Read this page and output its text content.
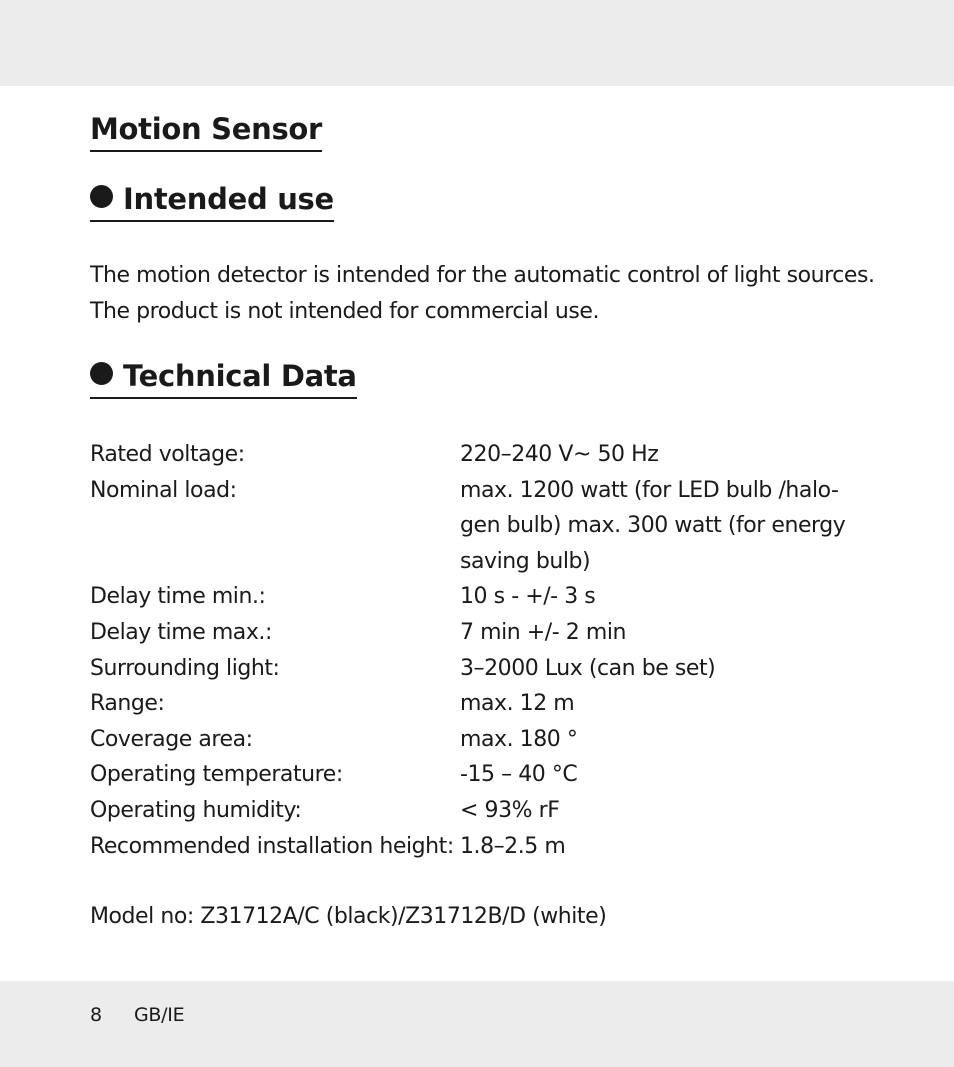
Motion Sensor
Intended use
The motion detector is intended for the automatic control of light sources.
The product is not intended for commercial use.
Technical Data
Rated voltage:	220–240 V~ 50 Hz
Nominal load:	max. 1200 watt (for LED bulb /halo-
gen bulb) max. 300 watt (for energy
saving bulb)
Delay time min.:	10 s - +/- 3 s
Delay time max.:	7 min +/- 2 min
Surrounding light:	3–2000 Lux (can be set)
Range:	max. 12 m
Coverage area:	max. 180 °
Operating temperature:	-15 – 40 °C
Operating humidity:	< 93% rF
Recommended installation height: 1.8–2.5 m
Model no: Z31712A/C (black)/Z31712B/D (white)
8 GB/IE
